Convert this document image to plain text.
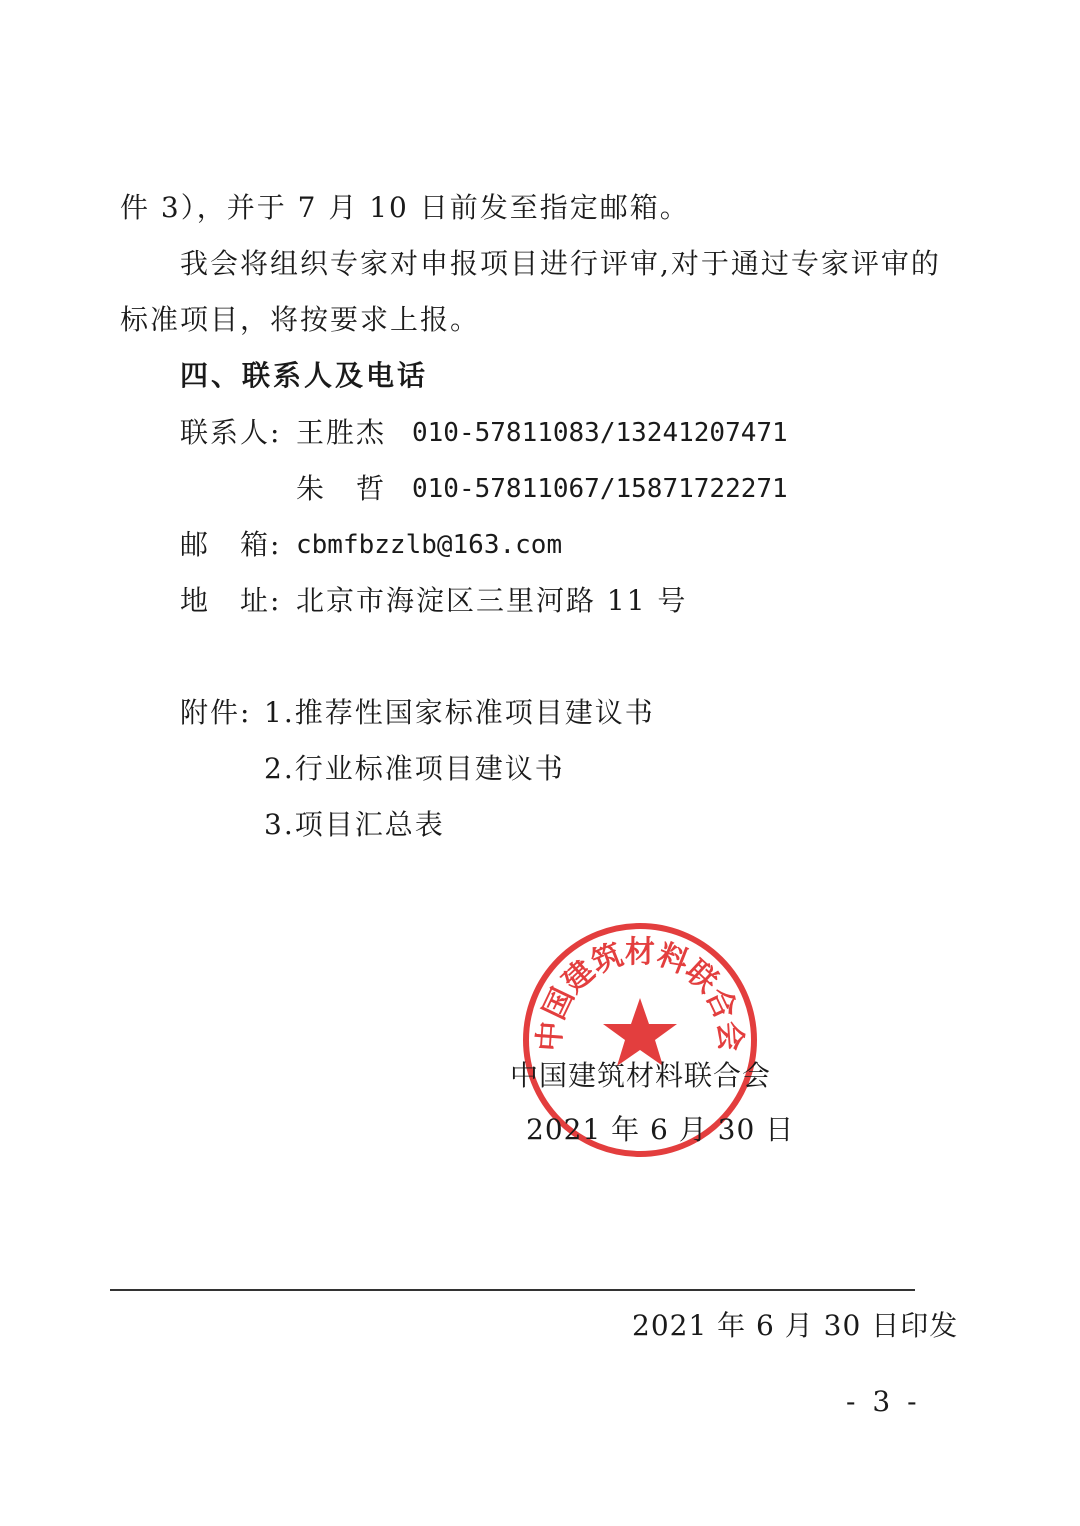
件 3），并于 7 月 10 日前发至指定邮箱。
我会将组织专家对申报项目进行评审,对于通过专家评审的
标准项目，将按要求上报。
四、联系人及电话
联系人: 王胜杰 010-57811083/13241207471
朱　哲 010-57811067/15871722271
邮　箱: cbmfbzzlb@163.com
地　址: 北京市海淀区三里河路 11 号
附件: 1.推荐性国家标准项目建议书
2.行业标准项目建议书
3.项目汇总表
中国建筑材料联合会
中国建筑材料联合会
2021 年 6 月 30 日
2021 年 6 月 30 日印发
- 3 -
